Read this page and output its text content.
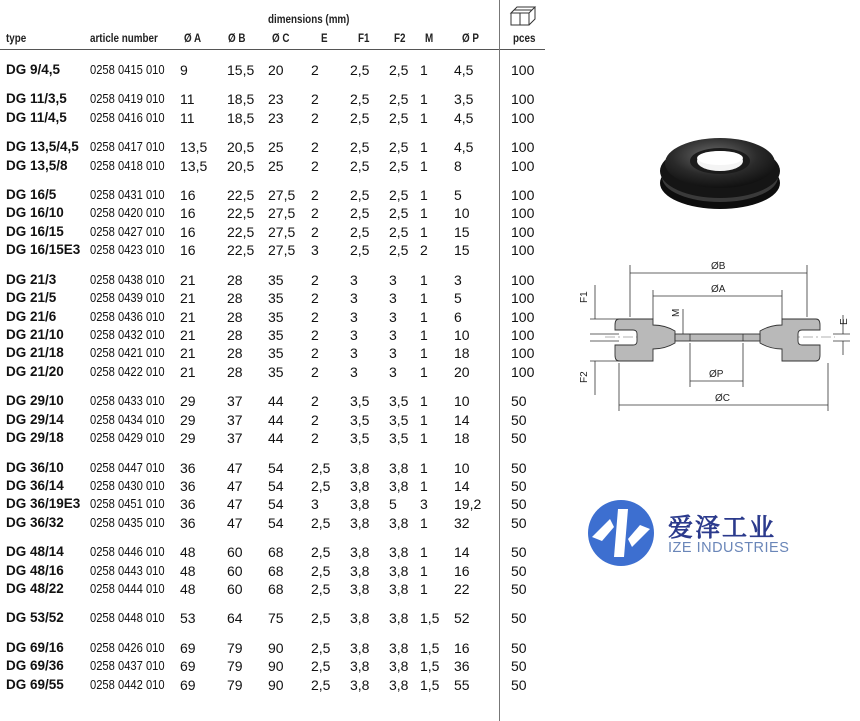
dimensions (mm)
type	article number Ø A Ø B Ø C	E	F1 F2 M Ø P	pces
DG 9/4,5 0258 0415 010 9	15,5 20 2 2,5 2,5 1 4,5	100
DG 11/3,5 0258 0419 010 11 18,5 23 2 2,5 2,5 1 3,5	100
DG 11/4,5 0258 0416 010 11 18,5 23 2 2,5 2,5 1 4,5	100
DG 13,5/4,5 0258 0417 010 13,5 20,5 25 2 2,5 2,5 1 4,5	100
DG 13,5/8 0258 0418 010 13,5 20,5 25 2 2,5 2,5 1 8	100
DG 16/5	0258 0431 010 16 22,5 27,5 2 2,5 2,5 1 5	100
DG 16/10 0258 0420 010 16 22,5 27,5 2 2,5 2,5 1 10	100
DG 16/15 0258 0427 010 16 22,5 27,5 2 2,5 2,5 1 15	100
DG 16/15E3 0258 0423 010 16 22,5 27,5 3 2,5 2,5 2 15	100
DG 21/3	0258 0438 010 21 28 35 2 3 3 1 3	100
DG 21/5	0258 0439 010 21 28 35 2 3 3 1 5	100
DG 21/6	0258 0436 010 21 28 35 2 3 3 1 6	100
DG 21/10 0258 0432 010 21 28 35 2 3 3 1 10	100
DG 21/18 0258 0421 010 21 28 35 2 3 3 1 18	100
DG 21/20 0258 0422 010 21 28 35 2 3 3 1 20	100
DG 29/10 0258 0433 010 29 37 44 2 3,5 3,5 1 10	50
DG 29/14 0258 0434 010 29 37 44 2 3,5 3,5 1 14	50
DG 29/18 0258 0429 010 29 37 44 2 3,5 3,5 1 18	50
DG 36/10 0258 0447 010 36 47 54 2,5 3,8 3,8 1 10	50
DG 36/14 0258 0430 010 36 47 54 2,5 3,8 3,8 1 14	50
DG 36/19E3 0258 0451 010 36 47 54 3 3,8 5 3 19,2 50
DG 36/32 0258 0435 010 36 47 54 2,5 3,8 3,8 1 32	50
DG 48/14 0258 0446 010 48 60 68 2,5 3,8 3,8 1 14	50
DG 48/16 0258 0443 010 48 60 68 2,5 3,8 3,8 1 16	50
DG 48/22 0258 0444 010 48 60 68 2,5 3,8 3,8 1 22	50
DG 53/52 0258 0448 010 53 64 75 2,5 3,8 3,8 1,5 52	50
DG 69/16 0258 0426 010 69 79 90 2,5 3,8 3,8 1,5 16	50
DG 69/36 0258 0437 010 69 79 90 2,5 3,8 3,8 1,5 36	50
DG 69/55 0258 0442 010 69 79 90 2,5 3,8 3,8 1,5 55	50
ØB
ØA
ØP
ØC
F1
F2
M
E
爱泽工业
IZE INDUSTRIES
